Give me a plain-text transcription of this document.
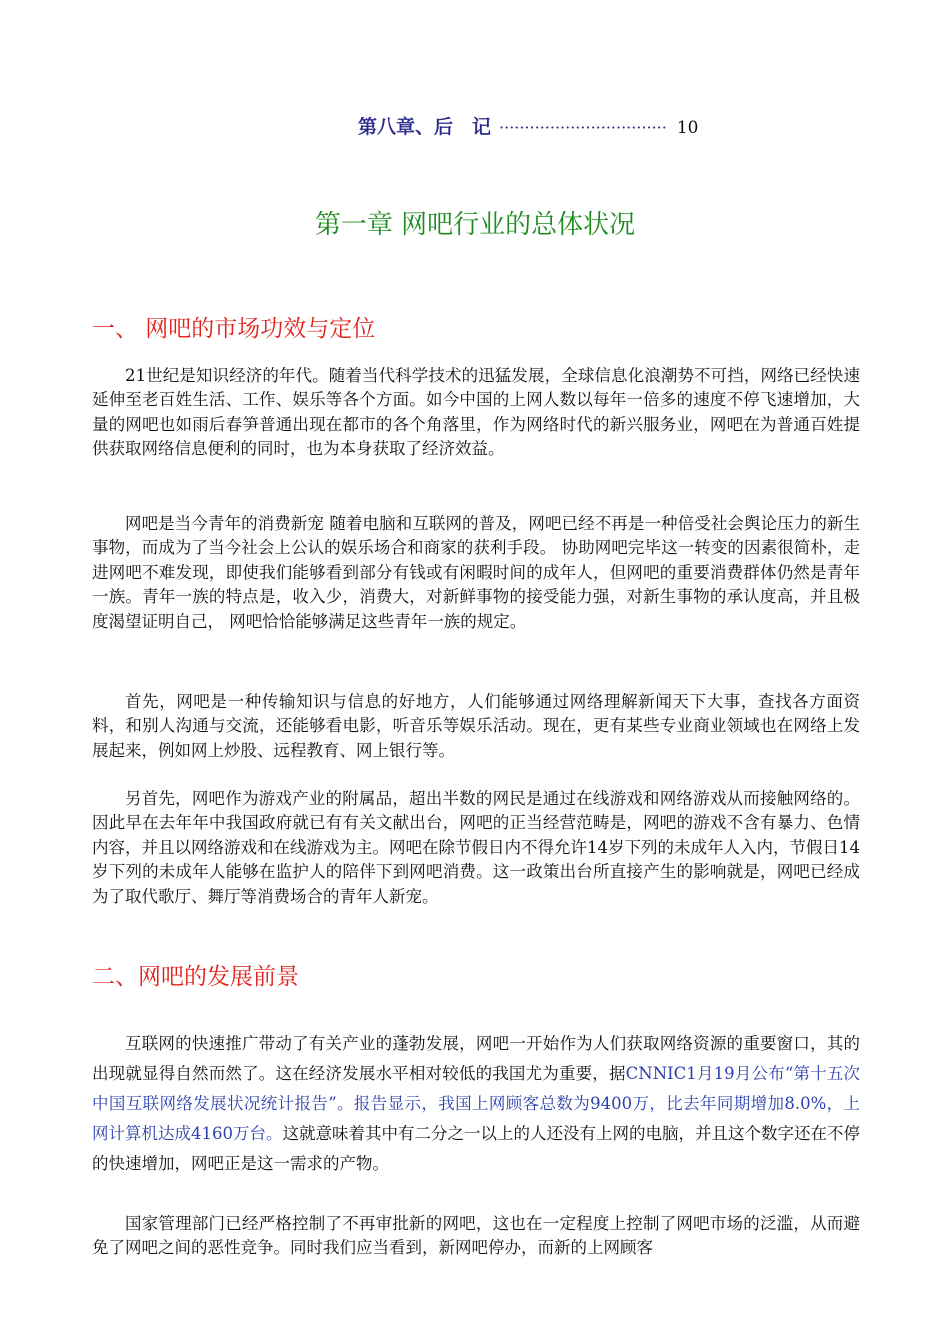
第八章、后　记 ································· 10
第一章 网吧行业的总体状况
一、 网吧的市场功效与定位

21世纪是知识经济的年代。随着当代科学技术的迅猛发展，全球信息化浪潮势不可挡，网络已经快速延伸至老百姓生活、工作、娱乐等各个方面。如今中国的上网人数以每年一倍多的速度不停飞速增加，大量的网吧也如雨后春笋普通出现在都市的各个角落里，作为网络时代的新兴服务业，网吧在为普通百姓提供获取网络信息便利的同时，也为本身获取了经济效益。

网吧是当今青年的消费新宠 随着电脑和互联网的普及，网吧已经不再是一种倍受社会舆论压力的新生事物，而成为了当今社会上公认的娱乐场合和商家的获利手段。 协助网吧完毕这一转变的因素很简朴，走进网吧不难发现，即使我们能够看到部分有钱或有闲暇时间的成年人，但网吧的重要消费群体仍然是青年一族。青年一族的特点是，收入少，消费大，对新鲜事物的接受能力强，对新生事物的承认度高，并且极度渴望证明自己， 网吧恰恰能够满足这些青年一族的规定。

首先，网吧是一种传输知识与信息的好地方，人们能够通过网络理解新闻天下大事，查找各方面资料，和别人沟通与交流，还能够看电影，听音乐等娱乐活动。现在，更有某些专业商业领域也在网络上发展起来，例如网上炒股、远程教育、网上银行等。

另首先，网吧作为游戏产业的附属品，超出半数的网民是通过在线游戏和网络游戏从而接触网络的。因此早在去年年中我国政府就已有有关文献出台，网吧的正当经营范畴是，网吧的游戏不含有暴力、色情内容，并且以网络游戏和在线游戏为主。网吧在除节假日内不得允许14岁下列的未成年人入内，节假日14岁下列的未成年人能够在监护人的陪伴下到网吧消费。这一政策出台所直接产生的影响就是，网吧已经成为了取代歌厅、舞厅等消费场合的青年人新宠。

二、网吧的发展前景

互联网的快速推广带动了有关产业的蓬勃发展，网吧一开始作为人们获取网络资源的重要窗口，其的出现就显得自然而然了。这在经济发展水平相对较低的我国尤为重要，据CNNIC1月19月公布“第十五次中国互联网络发展状况统计报告”。报告显示，我国上网顾客总数为9400万，比去年同期增加8.0%，上网计算机达成4160万台。这就意味着其中有二分之一以上的人还没有上网的电脑，并且这个数字还在不停的快速增加，网吧正是这一需求的产物。

国家管理部门已经严格控制了不再审批新的网吧，这也在一定程度上控制了网吧市场的泛滥，从而避免了网吧之间的恶性竞争。同时我们应当看到，新网吧停办，而新的上网顾客
